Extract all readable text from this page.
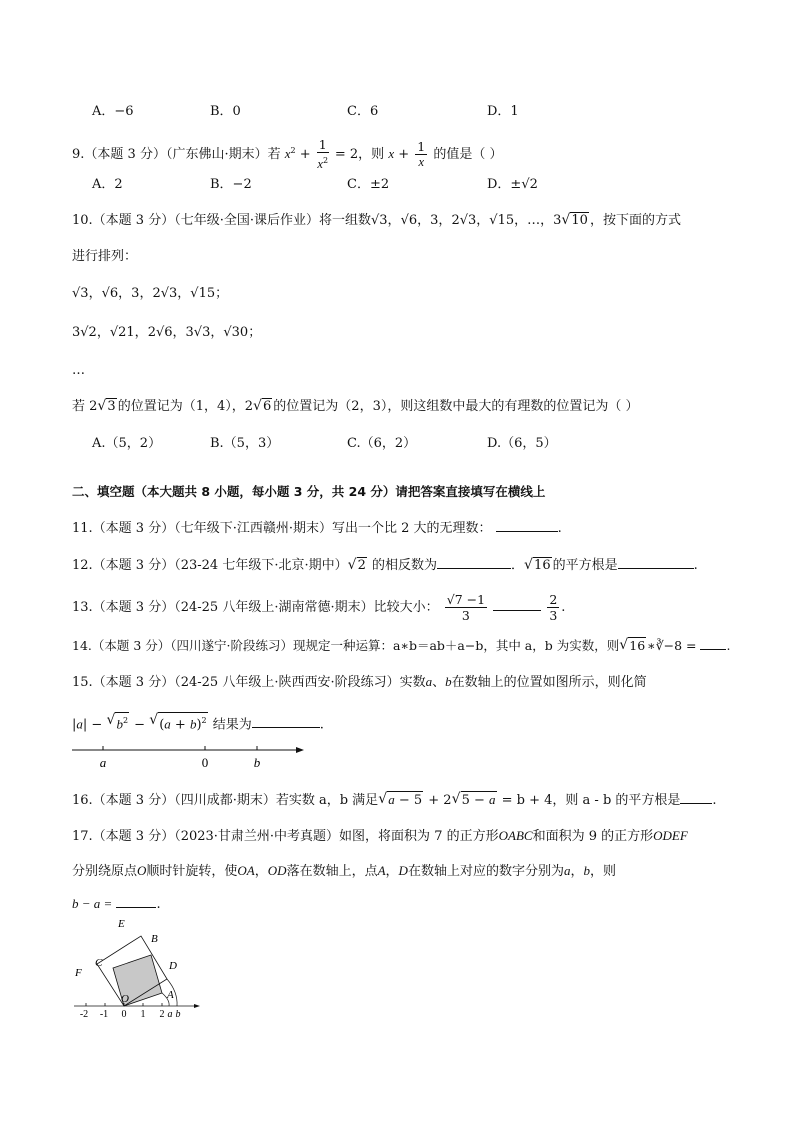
A．−6	B．0	C．6	D．1
9.（本题 3 分）（广东佛山·期末）若 $x^2 + \frac{1}{x^2} = 2$，则 $x + \frac{1}{x}$ 的值是（ ）
A．2	B．−2	C．±2	D．±√2
10.（本题 3 分）（七年级·全国·课后作业）将一组数√3，√6，3，2√3，√15，…，3 √ 10 ，按下面的方式
进行排列：
√3，√6，3，2√3，√15；
3√2，√21，2√6，3√3，√30；
…
若 2 √ 3 的位置记为（1，4），2 √ 6 的位置记为（2，3），则这组数中最大的有理数的位置记为（ ）
A.（5，2）	B.（5，3）	C.（6，2）	D.（6，5）
二、填空题（本大题共 8 小题，每小题 3 分，共 24 分）请把答案直接填写在横线上
11.（本题 3 分）（七年级下·江西赣州·期末）写出一个比 2 大的无理数：	.
12.（本题 3 分）（23-24 七年级下·北京·期中） √ 2 的相反数为	． √ 16 的平方根是	.
13.（本题 3 分）（24-25 八年级上·湖南常德·期末）比较大小： $\frac{√7 -1}{3}$
	$\frac{2}{3}$ .
14.（本题 3 分）（四川遂宁·阶段练习）现规定一种运算：a∗b＝ab＋a−b，其中 a，b 为实数，则 √ 16 ∗∛−8 = .
15.（本题 3 分）（24-25 八年级上·陕西西安·阶段练习）实数a、b在数轴上的位置如图所示，则化简
|a| − √ $b^2$ − √ $(a + b)^2$ 结果为	.
a	0	b
16.（本题 3 分）（四川成都·期末）若实数 a，b 满足 √ a − 5 + 2 √ 5 − a = b + 4，则 a - b 的平方根是 .
17.（本题 3 分）（2023·甘肃兰州·中考真题）如图，将面积为 7 的正方形OABC和面积为 9 的正方形ODEF
分别绕原点O顺时针旋转，使OA，OD落在数轴上，点A，D在数轴上对应的数字分别为a，b，则
b − a =	.
-2 -1 0 1 2 a b
E
F
C
B
D
O	A
